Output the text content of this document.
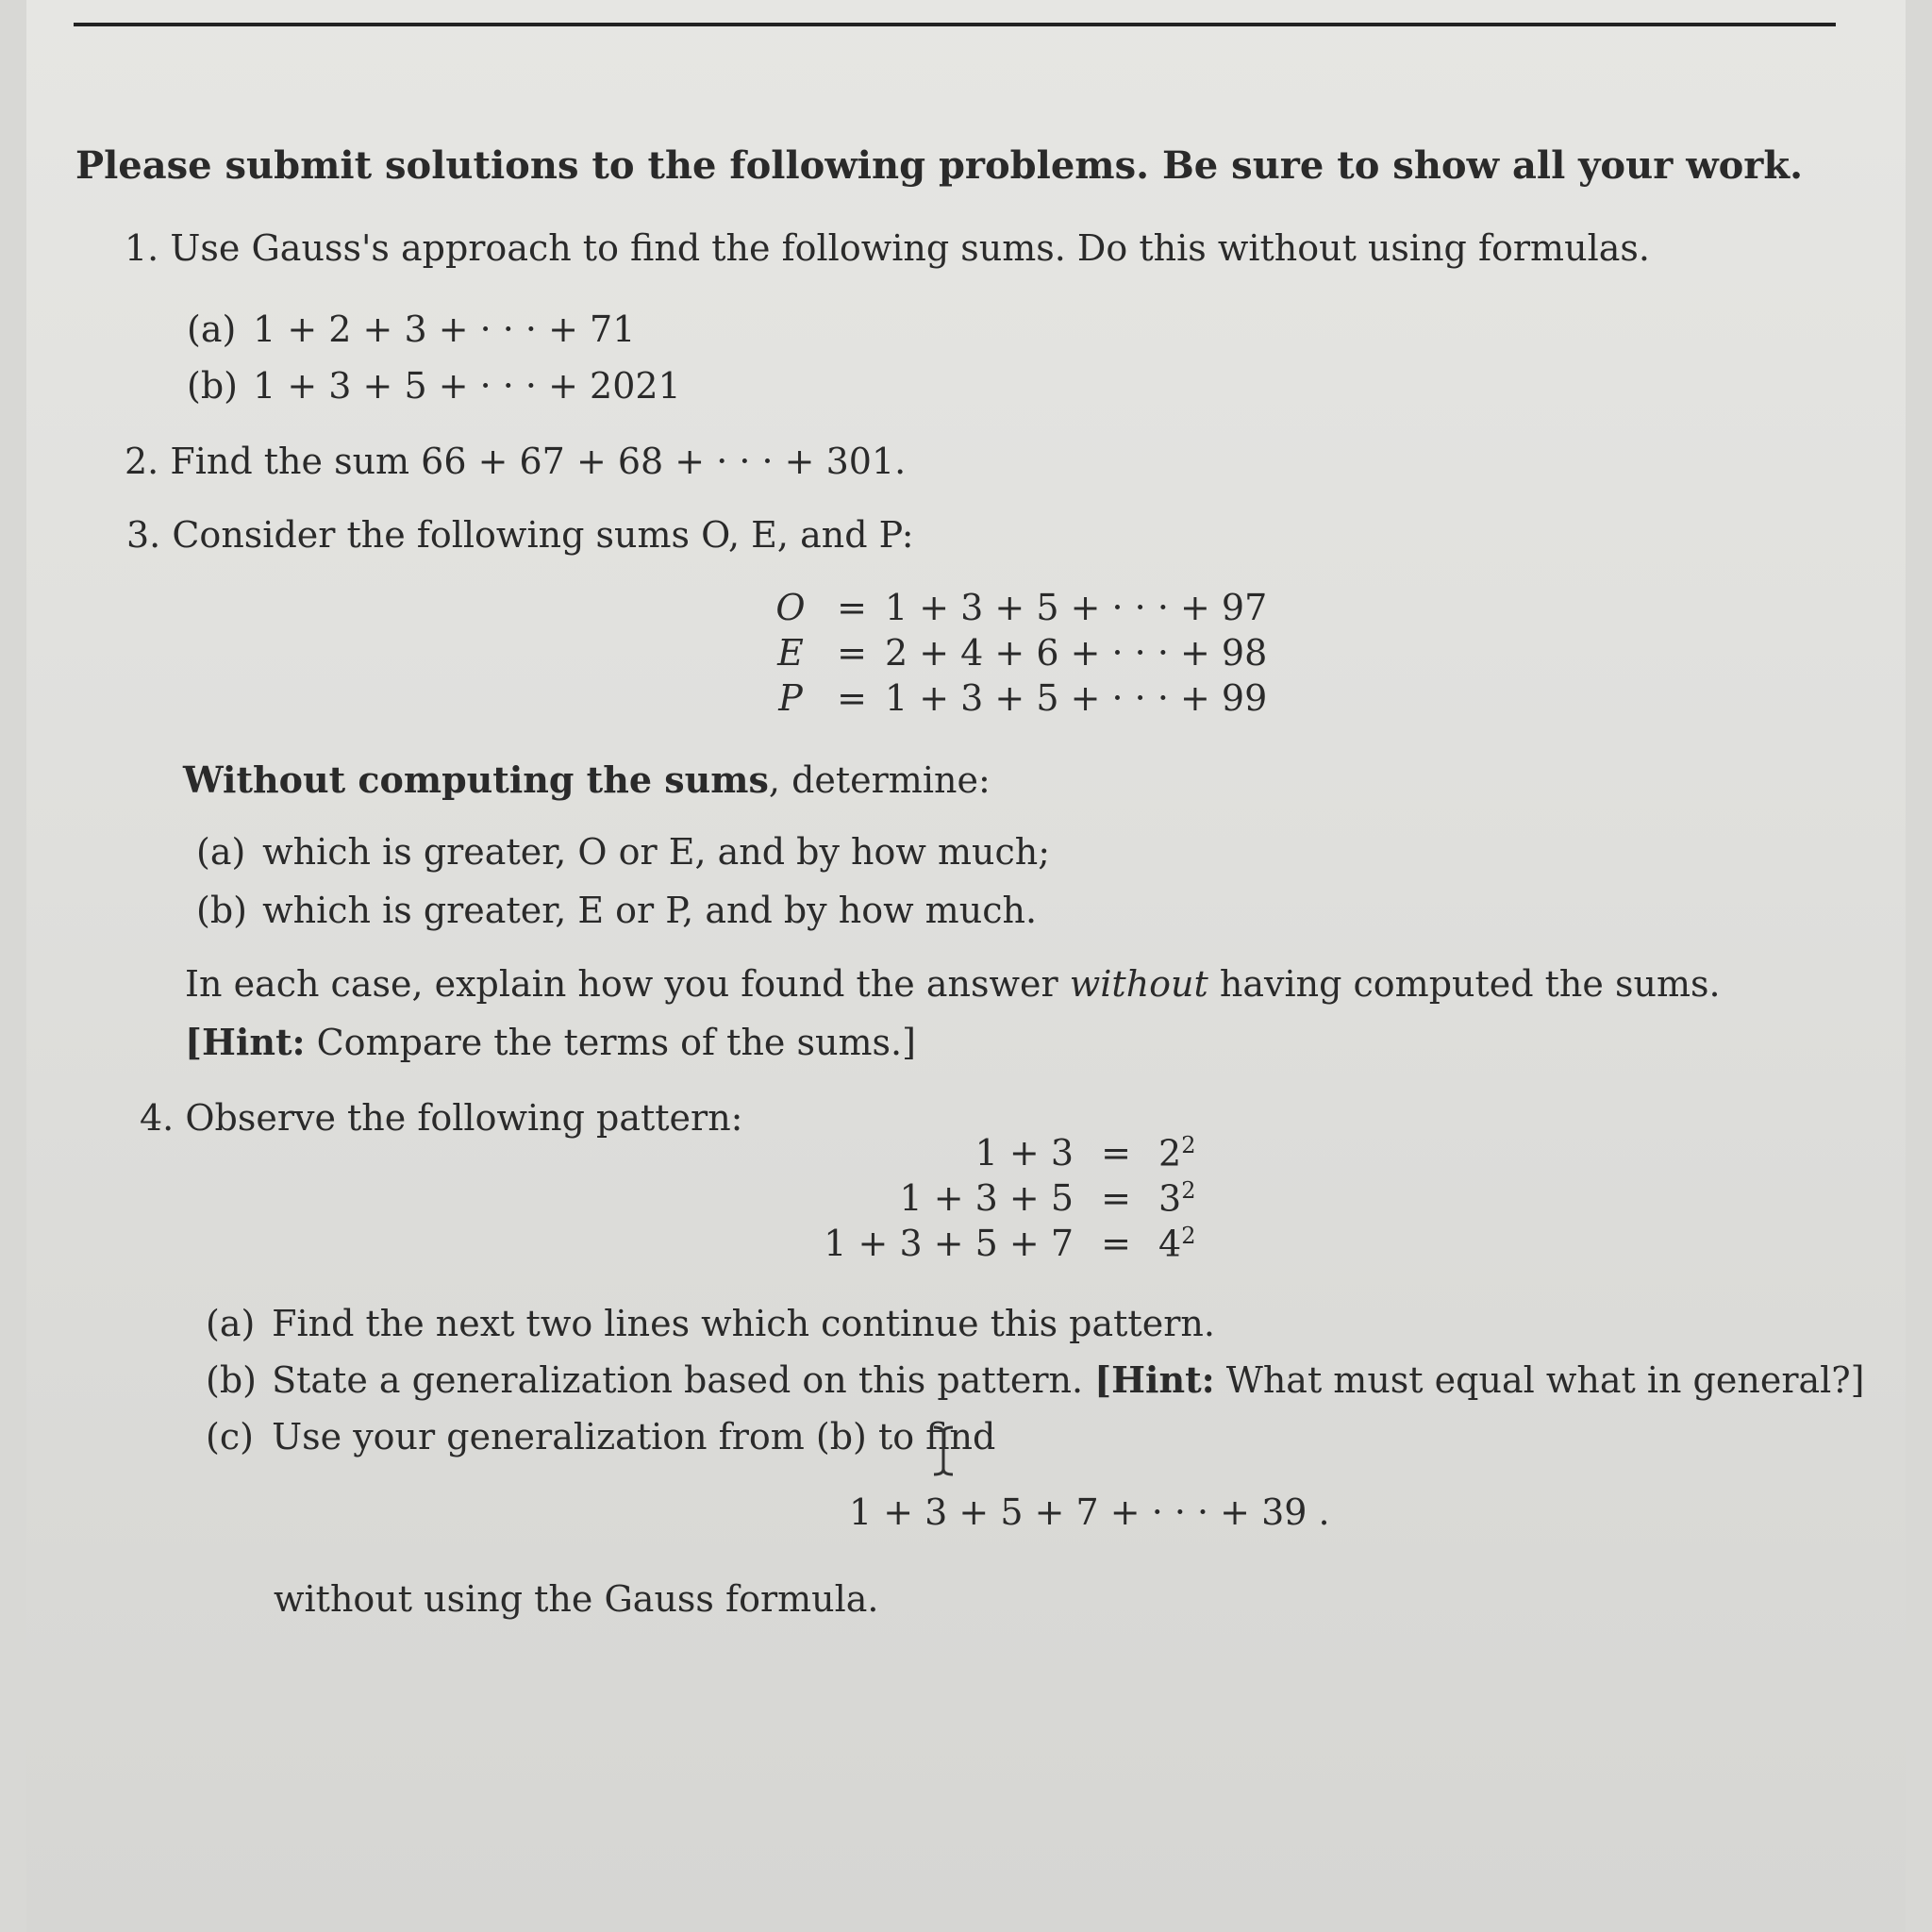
Please submit solutions to the following problems. Be sure to show all your work.
1. Use Gauss's approach to find the following sums. Do this without using formulas.
(a) 1 + 2 + 3 + · · · + 71
(b) 1 + 3 + 5 + · · · + 2021
2. Find the sum 66 + 67 + 68 + · · · + 301.
3. Consider the following sums O, E, and P:
O	=	1 + 3 + 5 + · · · + 97
E	=	2 + 4 + 6 + · · · + 98
P	=	1 + 3 + 5 + · · · + 99
Without computing the sums, determine:
(a) which is greater, O or E, and by how much;
(b) which is greater, E or P, and by how much.
In each case, explain how you found the answer without having computed the sums.
[Hint: Compare the terms of the sums.]
4. Observe the following pattern:
1 + 3	=	$2^2$
1 + 3 + 5	=	$3^2$
1 + 3 + 5 + 7	=	$4^2$
(a) Find the next two lines which continue this pattern.
(b) State a generalization based on this pattern. [Hint: What must equal what in general?]
(c) Use your generalization from (b) to find
1 + 3 + 5 + 7 + · · · + 39 .
without using the Gauss formula.
